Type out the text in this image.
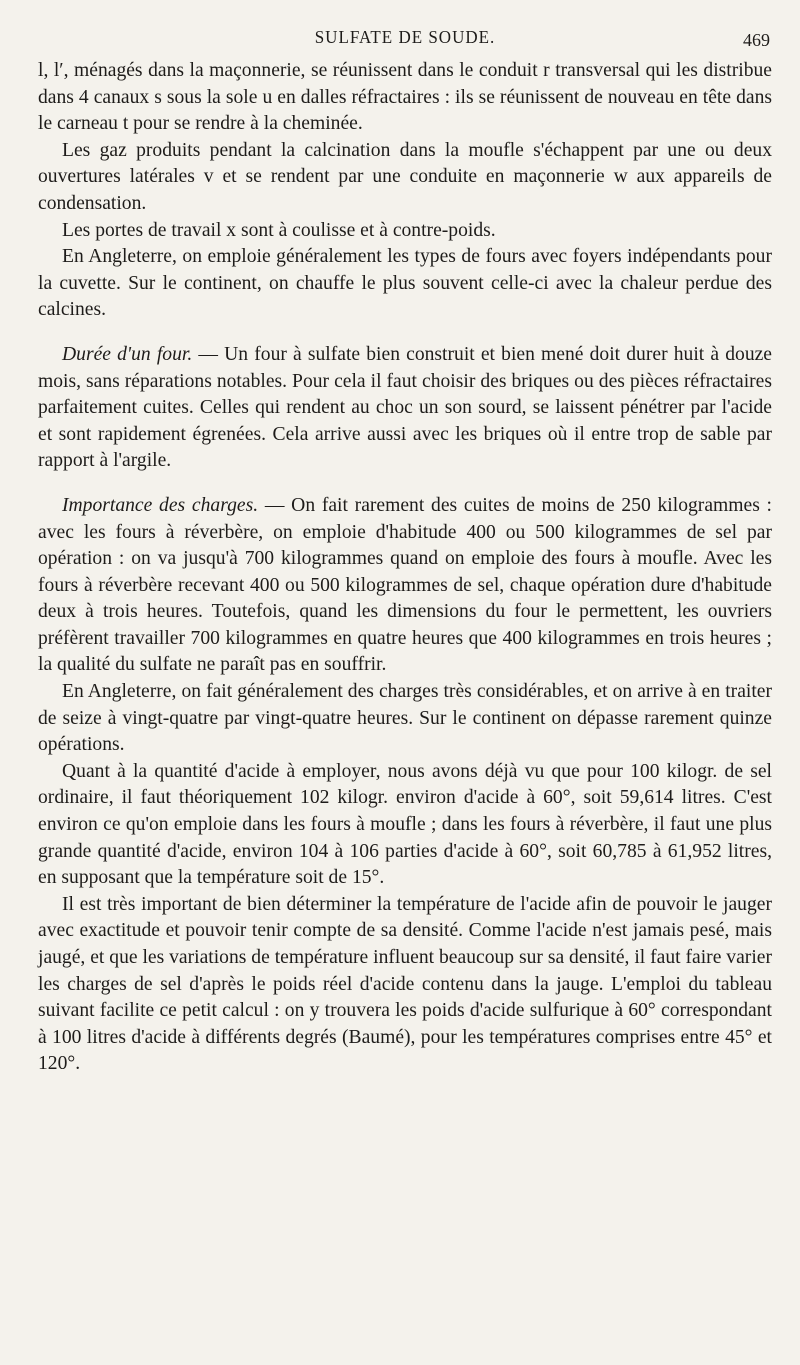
SULFATE DE SOUDE.	469

l, l′, ménagés dans la maçonnerie, se réunissent dans le conduit r transversal qui les distribue dans 4 canaux s sous la sole u en dalles réfractaires : ils se réunissent de nouveau en tête dans le carneau t pour se rendre à la cheminée.

Les gaz produits pendant la calcination dans la moufle s'échappent par une ou deux ouvertures latérales v et se rendent par une conduite en maçonnerie w aux appareils de condensation.

Les portes de travail x sont à coulisse et à contre-poids.

En Angleterre, on emploie généralement les types de fours avec foyers indépendants pour la cuvette. Sur le continent, on chauffe le plus souvent celle-ci avec la chaleur perdue des calcines.

Durée d'un four. — Un four à sulfate bien construit et bien mené doit durer huit à douze mois, sans réparations notables. Pour cela il faut choisir des briques ou des pièces réfractaires parfaitement cuites. Celles qui rendent au choc un son sourd, se laissent pénétrer par l'acide et sont rapidement égrenées. Cela arrive aussi avec les briques où il entre trop de sable par rapport à l'argile.

Importance des charges. — On fait rarement des cuites de moins de 250 kilogrammes : avec les fours à réverbère, on emploie d'habitude 400 ou 500 kilogrammes de sel par opération : on va jusqu'à 700 kilogrammes quand on emploie des fours à moufle. Avec les fours à réverbère recevant 400 ou 500 kilogrammes de sel, chaque opération dure d'habitude deux à trois heures. Toutefois, quand les dimensions du four le permettent, les ouvriers préfèrent travailler 700 kilogrammes en quatre heures que 400 kilogrammes en trois heures ; la qualité du sulfate ne paraît pas en souffrir.

En Angleterre, on fait généralement des charges très considérables, et on arrive à en traiter de seize à vingt-quatre par vingt-quatre heures. Sur le continent on dépasse rarement quinze opérations.

Quant à la quantité d'acide à employer, nous avons déjà vu que pour 100 kilogr. de sel ordinaire, il faut théoriquement 102 kilogr. environ d'acide à 60°, soit 59,614 litres. C'est environ ce qu'on emploie dans les fours à moufle ; dans les fours à réverbère, il faut une plus grande quantité d'acide, environ 104 à 106 parties d'acide à 60°, soit 60,785 à 61,952 litres, en supposant que la température soit de 15°.

Il est très important de bien déterminer la température de l'acide afin de pouvoir le jauger avec exactitude et pouvoir tenir compte de sa densité. Comme l'acide n'est jamais pesé, mais jaugé, et que les variations de température influent beaucoup sur sa densité, il faut faire varier les charges de sel d'après le poids réel d'acide contenu dans la jauge. L'emploi du tableau suivant facilite ce petit calcul : on y trouvera les poids d'acide sulfurique à 60° correspondant à 100 litres d'acide à différents degrés (Baumé), pour les températures comprises entre 45° et 120°.
